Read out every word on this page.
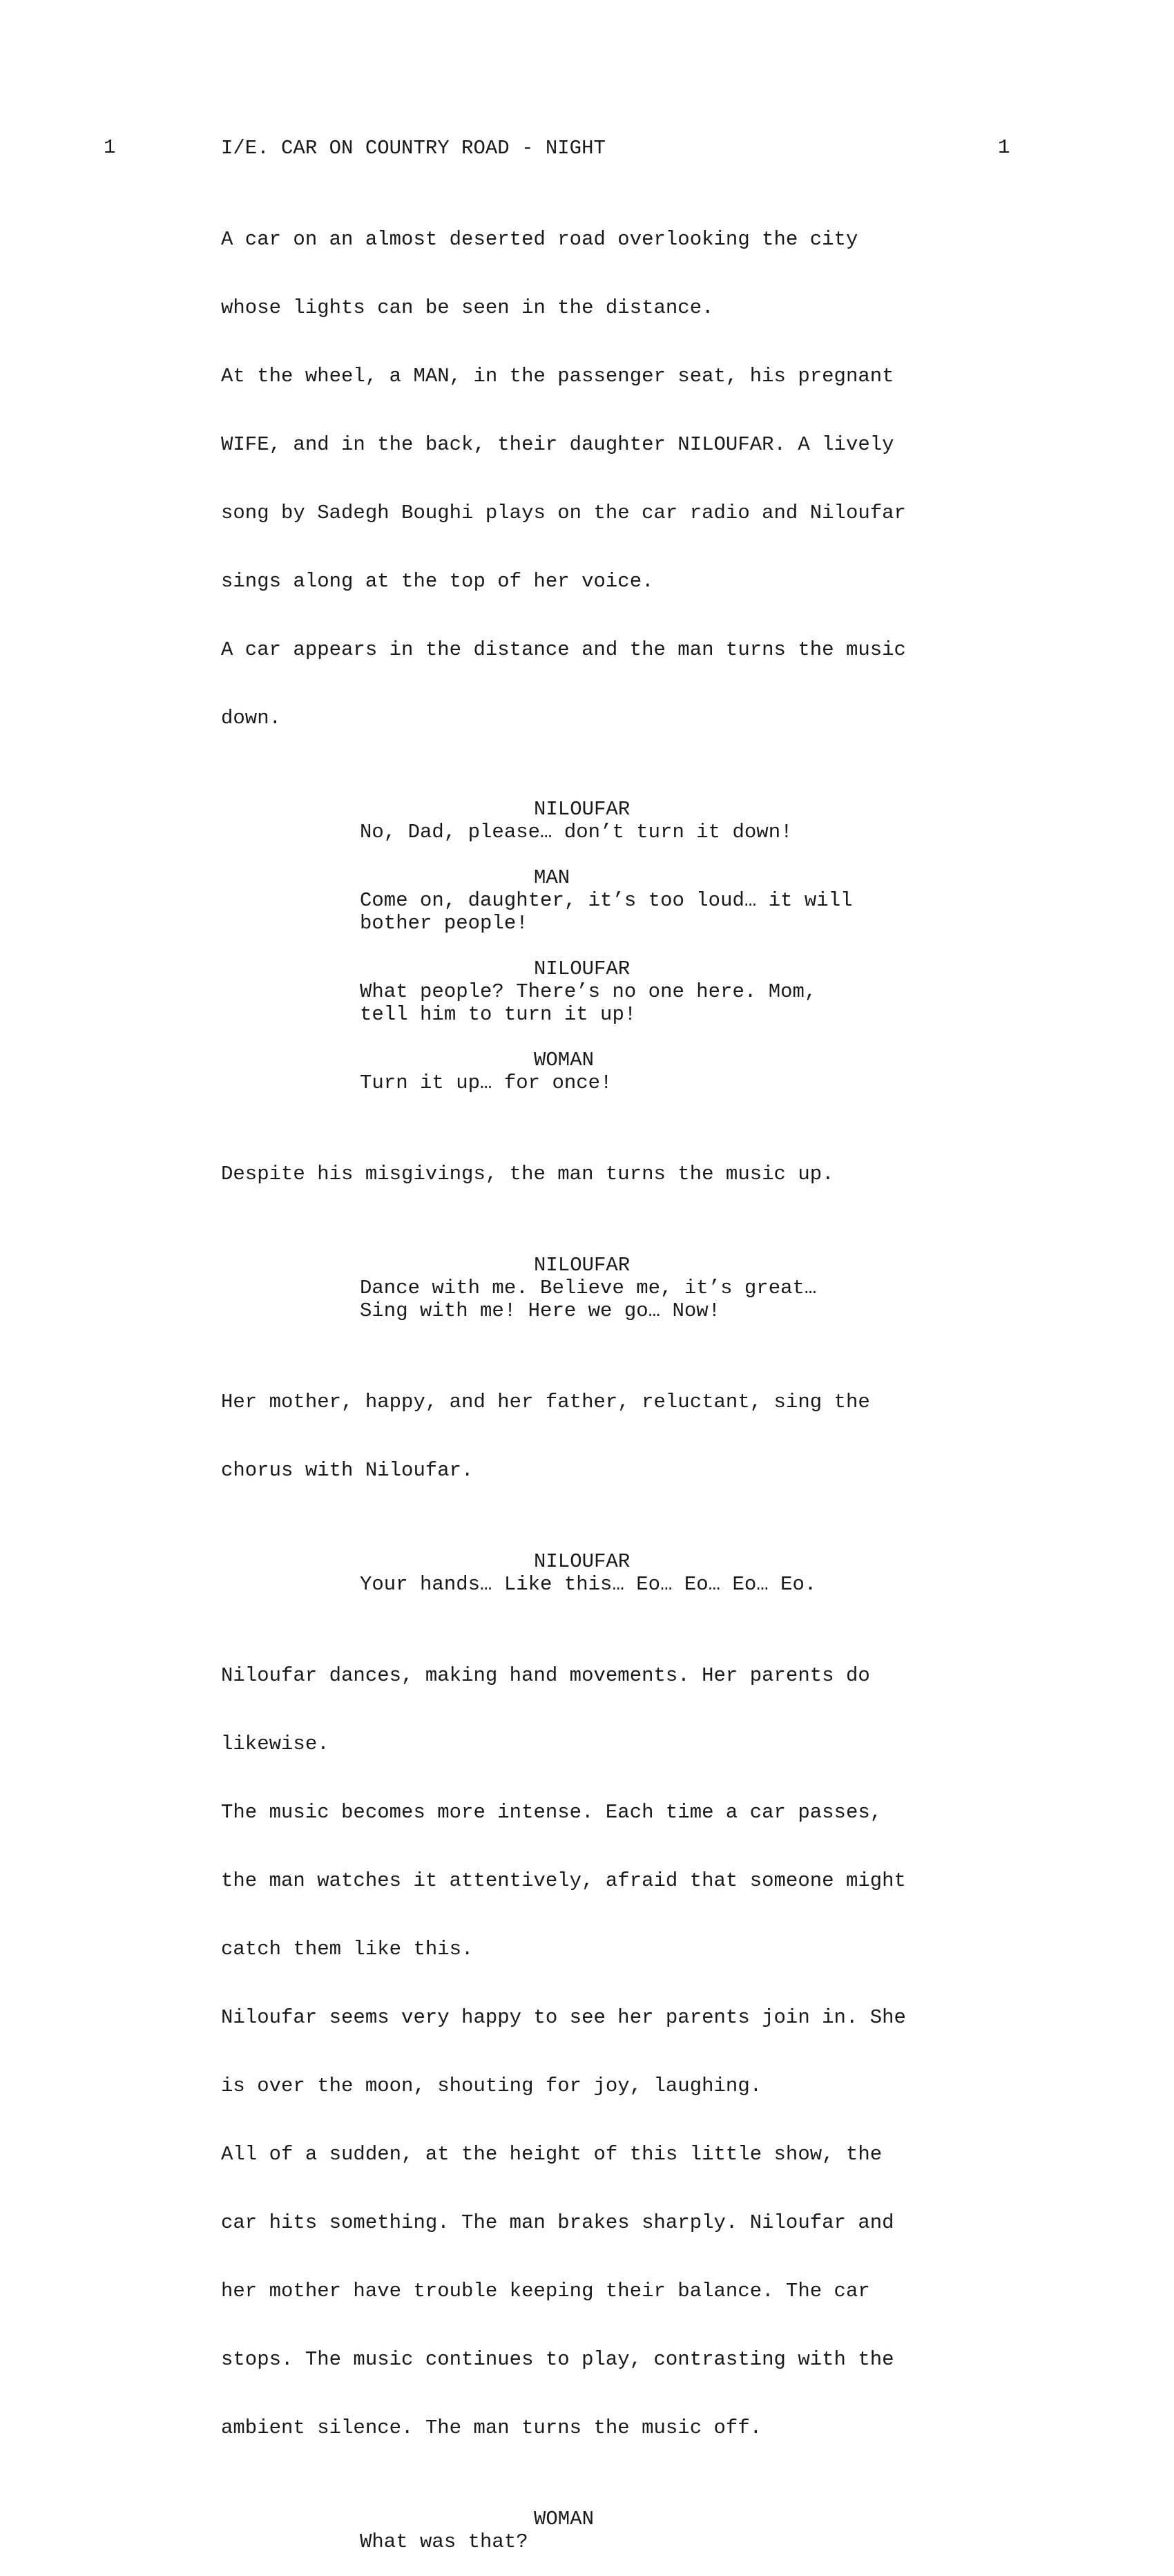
1	I/E. CAR ON COUNTRY ROAD - NIGHT	1

A car on an almost deserted road overlooking the city

whose lights can be seen in the distance.

At the wheel, a MAN, in the passenger seat, his pregnant

WIFE, and in the back, their daughter NILOUFAR. A lively

song by Sadegh Boughi plays on the car radio and Niloufar

sings along at the top of her voice.

A car appears in the distance and the man turns the music

down.

NILOUFAR
No, Dad, please… don’t turn it down!
MAN
Come on, daughter, it’s too loud… it will
bother people!
NILOUFAR
What people? There’s no one here. Mom,
tell him to turn it up!
WOMAN
Turn it up… for once!

Despite his misgivings, the man turns the music up.

NILOUFAR
Dance with me. Believe me, it’s great…
Sing with me! Here we go… Now!

Her mother, happy, and her father, reluctant, sing the

chorus with Niloufar.

NILOUFAR
Your hands… Like this… Eo… Eo… Eo… Eo.

Niloufar dances, making hand movements. Her parents do

likewise.

The music becomes more intense. Each time a car passes,

the man watches it attentively, afraid that someone might

catch them like this.

Niloufar seems very happy to see her parents join in. She

is over the moon, shouting for joy, laughing.

All of a sudden, at the height of this little show, the

car hits something. The man brakes sharply. Niloufar and

her mother have trouble keeping their balance. The car

stops. The music continues to play, contrasting with the

ambient silence. The man turns the music off.

WOMAN
What was that?
